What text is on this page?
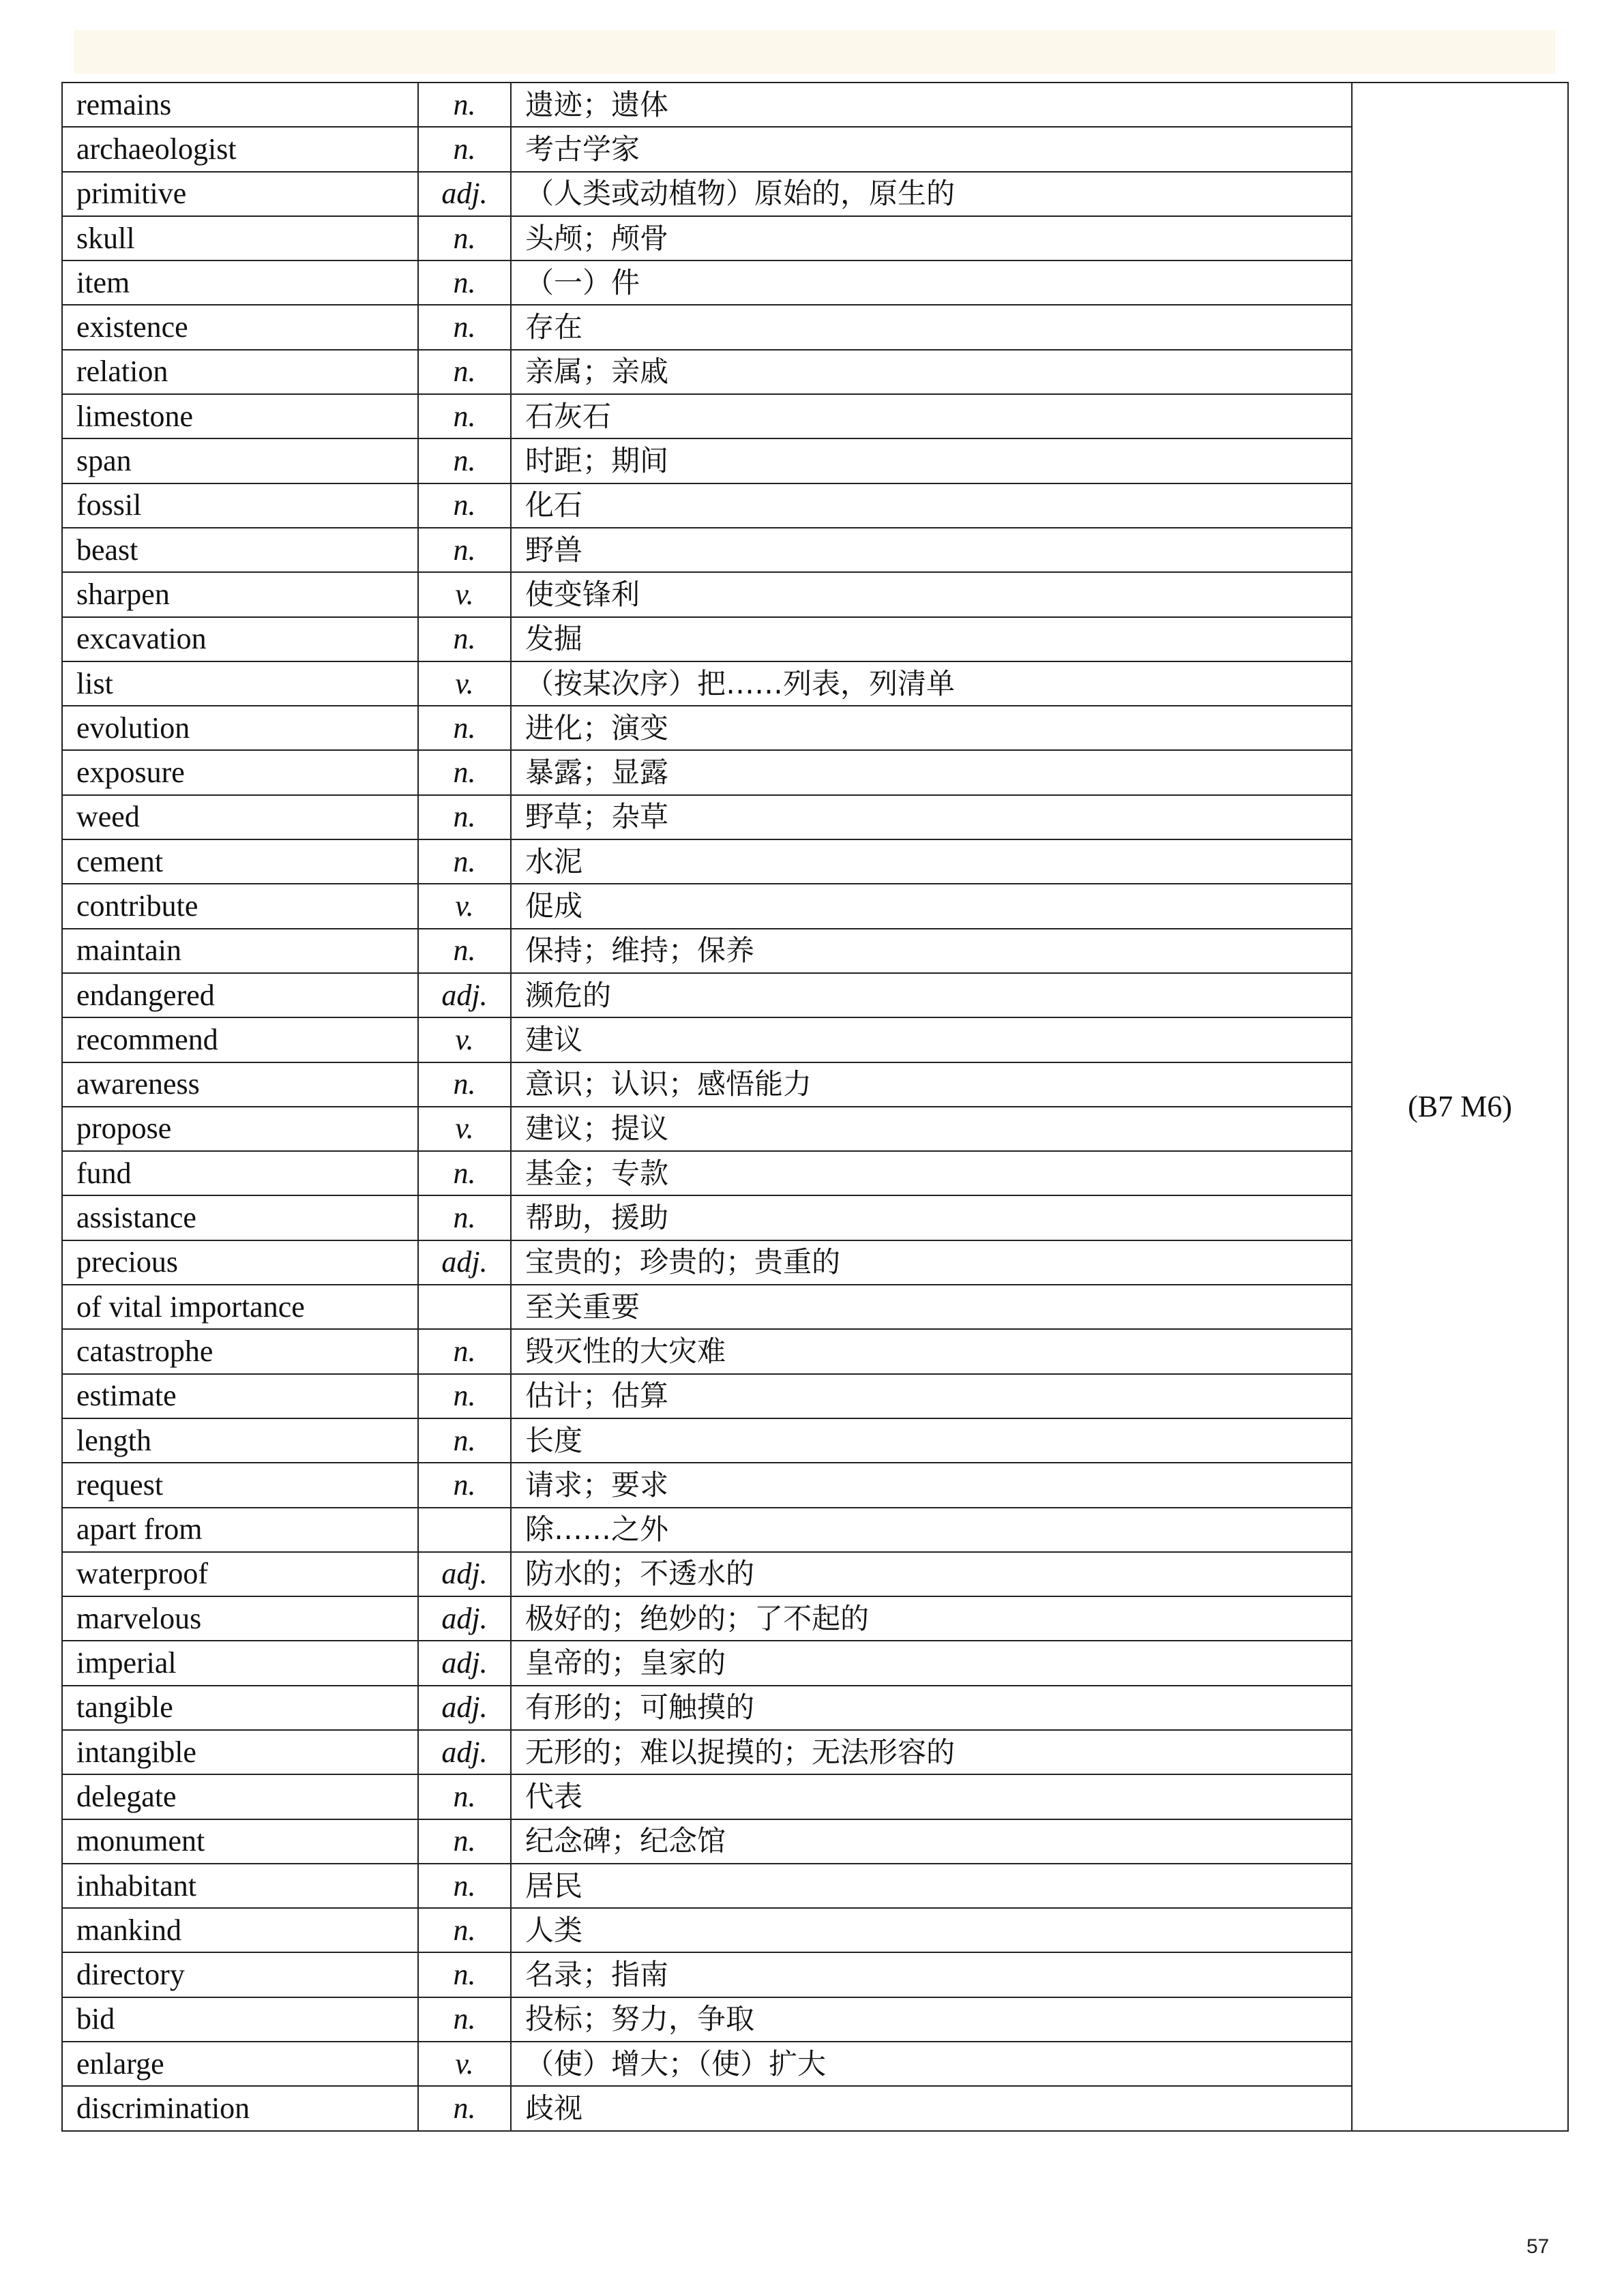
remains	n.	遗迹；遗体	(B7 M6)
archaeologist	n.	考古学家	
primitive	adj.	（人类或动植物）原始的，原生的	
skull	n.	头颅；颅骨	
item	n.	（一）件	
existence	n.	存在	
relation	n.	亲属；亲戚	
limestone	n.	石灰石	
span	n.	时距；期间	
fossil	n.	化石	
beast	n.	野兽	
sharpen	v.	使变锋利	
excavation	n.	发掘	
list	v.	（按某次序）把……列表，列清单	
evolution	n.	进化；演变	
exposure	n.	暴露；显露	
weed	n.	野草；杂草	
cement	n.	水泥	
contribute	v.	促成	
maintain	n.	保持；维持；保养	
endangered	adj.	濒危的	
recommend	v.	建议	
awareness	n.	意识；认识；感悟能力	
propose	v.	建议；提议	
fund	n.	基金；专款	
assistance	n.	帮助，援助	
precious	adj.	宝贵的；珍贵的；贵重的	
of vital importance		至关重要	
catastrophe	n.	毁灭性的大灾难	
estimate	n.	估计；估算	
length	n.	长度	
request	n.	请求；要求	
apart from		除……之外	
waterproof	adj.	防水的；不透水的	
marvelous	adj.	极好的；绝妙的；了不起的	
imperial	adj.	皇帝的；皇家的	
tangible	adj.	有形的；可触摸的	
intangible	adj.	无形的；难以捉摸的；无法形容的	
delegate	n.	代表	
monument	n.	纪念碑；纪念馆	
inhabitant	n.	居民	
mankind	n.	人类	
directory	n.	名录；指南	
bid	n.	投标；努力，争取	
enlarge	v.	（使）增大；（使）扩大	
discrimination	n.	歧视	
57
